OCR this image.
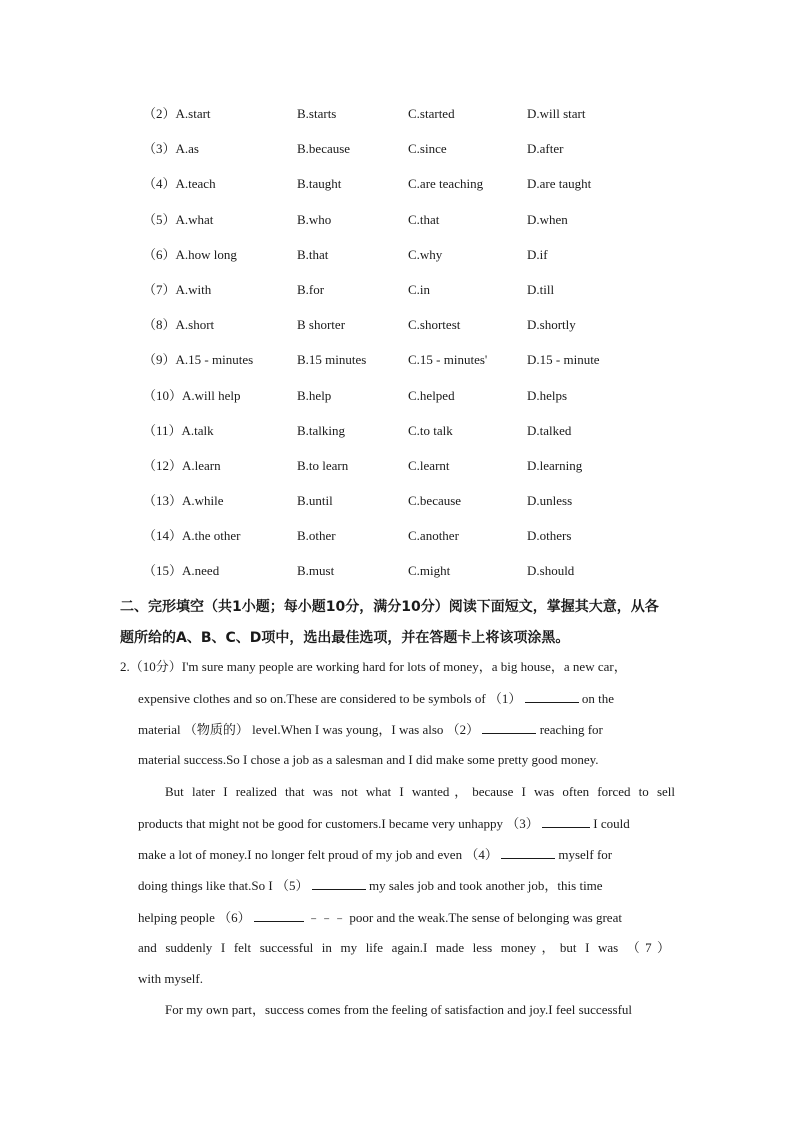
（2）A.start	B.starts	C.started	D.will start
（3）A.as	B.because	C.since	D.after
（4）A.teach	B.taught	C.are teaching	D.are taught
（5）A.what	B.who	C.that	D.when
（6）A.how long	B.that	C.why	D.if
（7）A.with	B.for	C.in	D.till
（8）A.short	B shorter	C.shortest	D.shortly
（9）A.15 - minutes	B.15 minutes	C.15 - minutes'	D.15 - minute
（10）A.will help	B.help	C.helped	D.helps
（11）A.talk	B.talking	C.to talk	D.talked
（12）A.learn	B.to learn	C.learnt	D.learning
（13）A.while	B.until	C.because	D.unless
（14）A.the other	B.other	C.another	D.others
（15）A.need	B.must	C.might	D.should
二、完形填空（共1小题；每小题10分，满分10分）阅读下面短文，掌握其大意，从各
题所给的A、B、C、D项中，选出最佳选项，并在答题卡上将该项涂黑。
2.（10分）I'm sure many people are working hard for lots of money，a big house，a new car，
expensive clothes and so on.These are considered to be symbols of （1）	on the
material （物质的） level.When I was young，I was also （2）	reaching for
material success.So I chose a job as a salesman and I did make some pretty good money.
But later I realized that was not what I wanted，because I was often forced to sell
products that might not be good for customers.I became very unhappy （3）	I could
make a lot of money.I no longer felt proud of my job and even （4）	myself for
doing things like that.So I （5）	my sales job and took another job，this time
helping people （6）	﹣﹣﹣ poor and the weak.The sense of belonging was great
and suddenly I felt successful in my life again.I made less money，but I was （7）
with myself.
For my own part，success comes from the feeling of satisfaction and joy.I feel successful
